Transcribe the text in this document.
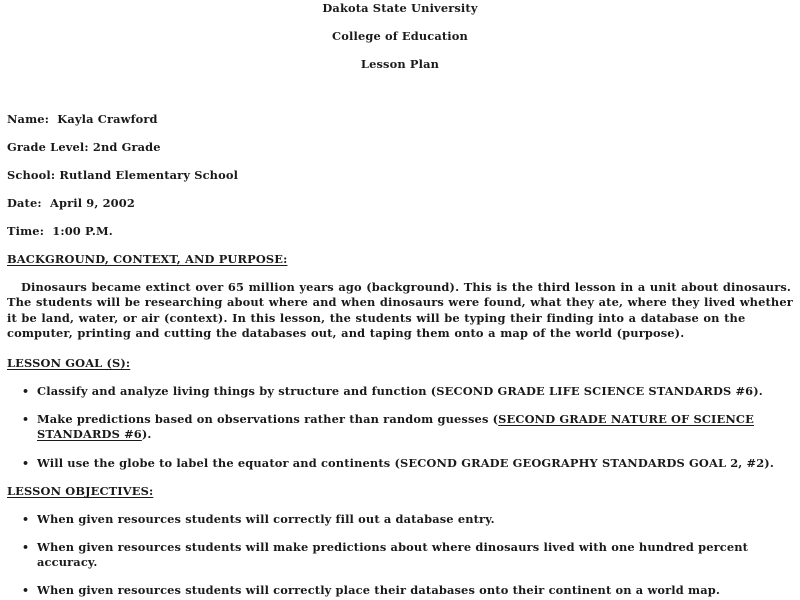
Dakota State University
College of Education
Lesson Plan
Name: Kayla Crawford
Grade Level: 2nd Grade
School: Rutland Elementary School
Date: April 9, 2002
Time: 1:00 P.M.
BACKGROUND, CONTEXT, AND PURPOSE:
Dinosaurs became extinct over 65 million years ago (background). This is the third lesson in a unit about dinosaurs. The students will be researching about where and when dinosaurs were found, what they ate, where they lived whether it be land, water, or air (context). In this lesson, the students will be typing their finding into a database on the computer, printing and cutting the databases out, and taping them onto a map of the world (purpose).
LESSON GOAL (S):
• Classify and analyze living things by structure and function (SECOND GRADE LIFE SCIENCE STANDARDS #6).
• Make predictions based on observations rather than random guesses (SECOND GRADE NATURE OF SCIENCE STANDARDS #6).
• Will use the globe to label the equator and continents (SECOND GRADE GEOGRAPHY STANDARDS GOAL 2, #2).
LESSON OBJECTIVES:
• When given resources students will correctly fill out a database entry.
• When given resources students will make predictions about where dinosaurs lived with one hundred percent accuracy.
• When given resources students will correctly place their databases onto their continent on a world map.
